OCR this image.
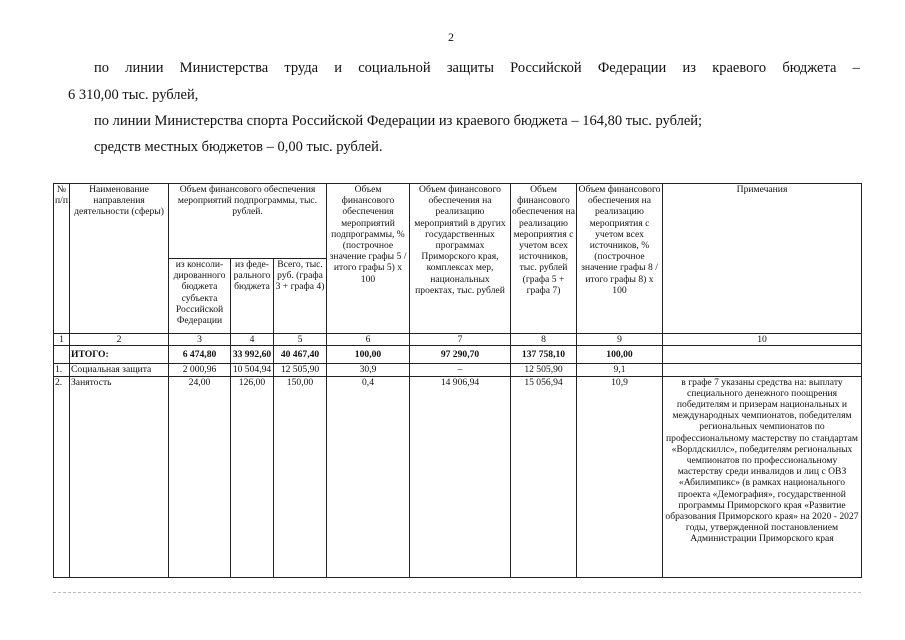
2
по линии Министерства труда и социальной защиты Российской Федерации из краевого бюджета –
6 310,00 тыс. рублей,
по линии Министерства спорта Российской Федерации из краевого бюджета – 164,80 тыс. рублей;
средств местных бюджетов – 0,00 тыс. рублей.
№ п/п	Наименование направления деятельности (сферы)	Объем финансового обеспечения мероприятий подпрограммы, тыс. рублей.			Объем финансового обеспечения мероприятий подпрограммы, % (построчное значение графы 5 / итого графы 5) x 100	Объем финансового обеспечения на реализацию мероприятий в других государственных программах Приморского края, комплексах мер, национальных проектах, тыс. рублей	Объем финансового обеспечения на реализацию мероприятия с учетом всех источников, тыс. рублей (графа 5 + графа 7)	Объем финансового обеспечения на реализацию мероприятия с учетом всех источников, % (построчное значение графы 8 / итого графы 8) x 100	Примечания
		из консоли-дированного бюджета субъекта Российской Федерации	из феде-рального бюджета	Всего, тыс. руб. (графа 3 + графа 4)					
1	2	3	4	5	6	7	8	9	10
	ИТОГО:	6 474,80	33 992,60	40 467,40	100,00	97 290,70	137 758,10	100,00	
1.	Социальная защита	2 000,96	10 504,94	12 505,90	30,9	–	12 505,90	9,1	
2.	Занятость	24,00	126,00	150,00	0,4	14 906,94	15 056,94	10,9	в графе 7 указаны средства на: выплату специального денежного поощрения победителям и призерам национальных и международных чемпионатов, победителям региональных чемпионатов по профессиональному мастерству по стандартам «Ворлдскиллс», победителям региональных чемпионатов по профессиональному мастерству среди инвалидов и лиц с ОВЗ «Абилимпикс» (в рамках национального проекта «Демография», государственной программы Приморского края «Развитие образования Приморского края» на 2020 - 2027 годы, утвержденной постановлением Администрации Приморского края
